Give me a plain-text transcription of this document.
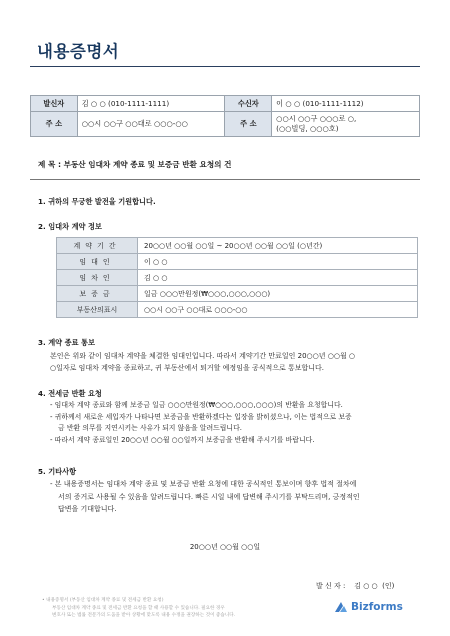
내용증명서
발신자	김 ○ ○ (010-1111-1111)	수신자	이 ○ ○ (010-1111-1112)
주 소	○○시 ○○구 ○○대로 ○○○-○○	주 소	○○시 ○○구 ○○○로 ○,
(○○빌딩, ○○○호)
제 목 : 부동산 임대차 계약 종료 및 보증금 반환 요청의 건
1. 귀하의 무궁한 발전을 기원합니다.
2. 임대차 계약 정보
계약기간	20○○년 ○○월 ○○일 ~ 20○○년 ○○월 ○○일 (○년간)
임대인	이 ○ ○
임차인	김 ○ ○
보증금	일금 ○○○만원정(₩○○○,○○○,○○○)
부동산의표시	○○시 ○○구 ○○대로 ○○○-○○
3. 계약 종료 통보
본인은 위와 같이 임대차 계약을 체결한 임대인입니다. 따라서 계약기간 만료일인 20○○년 ○○월 ○
○일자로 임대차 계약을 종료하고, 귀 부동산에서 퇴거할 예정임을 공식적으로 통보합니다.
4. 전세금 반환 요청
- 임대차 계약 종료와 함께 보증금 일금 ○○○만원정(₩○○○,○○○,○○○)의 반환을 요청합니다.
- 귀하께서 새로운 세입자가 나타나면 보증금을 반환하겠다는 입장을 밝히셨으나, 이는 법적으로 보증
금 반환 의무를 지연시키는 사유가 되지 않음을 알려드립니다.
- 따라서 계약 종료일인 20○○년 ○○월 ○○일까지 보증금을 반환해 주시기를 바랍니다.
5. 기타사항
- 본 내용증명서는 임대차 계약 종료 및 보증금 반환 요청에 대한 공식적인 통보이며 향후 법적 절차에
서의 증거로 사용될 수 있음을 알려드립니다. 빠른 시일 내에 답변해 주시기를 부탁드리며, 긍정적인
답변을 기대합니다.
20○○년 ○○월 ○○일
발 신 자 :    김 ○ ○  (인)
• 내용증명서 (부동산 임대차 계약 종료 및 전세금 반환 요청)
부동산 임대차 계약 종료 및 전세금 반환 요청을 할 때 사용할 수 있습니다. 필요한 경우
변호사 또는 법률 전문가의 도움을 받아 상황에 맞도록 내용 수정을 권장하는 것이 좋습니다.
Bizforms
